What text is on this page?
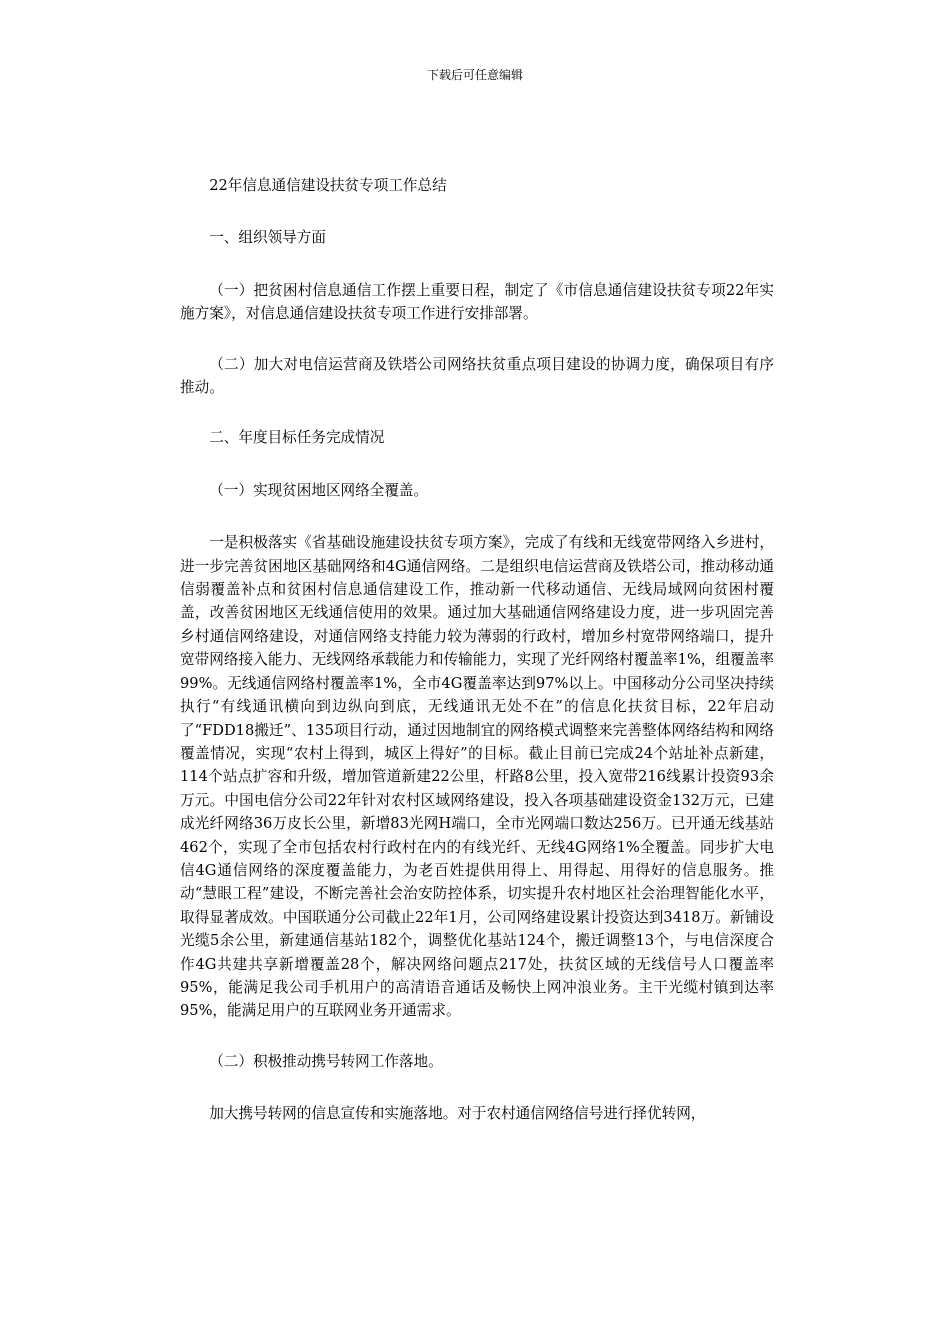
下载后可任意编辑

22年信息通信建设扶贫专项工作总结

一、组织领导方面

（一）把贫困村信息通信工作摆上重要日程，制定了《市信息通信建设扶贫专项22年实施方案》，对信息通信建设扶贫专项工作进行安排部署。

（二）加大对电信运营商及铁塔公司网络扶贫重点项目建设的协调力度，确保项目有序推动。

二、年度目标任务完成情况

（一）实现贫困地区网络全覆盖。

一是积极落实《省基础设施建设扶贫专项方案》，完成了有线和无线宽带网络入乡进村，进一步完善贫困地区基础网络和4G通信网络。二是组织电信运营商及铁塔公司，推动移动通信弱覆盖补点和贫困村信息通信建设工作，推动新一代移动通信、无线局域网向贫困村覆盖，改善贫困地区无线通信使用的效果。通过加大基础通信网络建设力度，进一步巩固完善乡村通信网络建设，对通信网络支持能力较为薄弱的行政村，增加乡村宽带网络端口，提升宽带网络接入能力、无线网络承载能力和传输能力，实现了光纤网络村覆盖率1%，组覆盖率99%。无线通信网络村覆盖率1%，全市4G覆盖率达到97%以上。中国移动分公司坚决持续执行“有线通讯横向到边纵向到底，无线通讯无处不在”的信息化扶贫目标，22年启动了“FDD18搬迁”、135项目行动，通过因地制宜的网络模式调整来完善整体网络结构和网络覆盖情况，实现“农村上得到，城区上得好”的目标。截止目前已完成24个站址补点新建，114个站点扩容和升级，增加管道新建22公里，杆路8公里，投入宽带216线累计投资93余万元。中国电信分公司22年针对农村区域网络建设，投入各项基础建设资金132万元，已建成光纤网络36万皮长公里，新增83光网H端口，全市光网端口数达256万。已开通无线基站462个，实现了全市包括农村行政村在内的有线光纤、无线4G网络1%全覆盖。同步扩大电信4G通信网络的深度覆盖能力，为老百姓提供用得上、用得起、用得好的信息服务。推动“慧眼工程”建设，不断完善社会治安防控体系，切实提升农村地区社会治理智能化水平，取得显著成效。中国联通分公司截止22年1月，公司网络建设累计投资达到3418万。新铺设光缆5余公里，新建通信基站182个，调整优化基站124个，搬迁调整13个，与电信深度合作4G共建共享新增覆盖28个，解决网络问题点217处，扶贫区域的无线信号人口覆盖率95%，能满足我公司手机用户的高清语音通话及畅快上网冲浪业务。主干光缆村镇到达率95%，能满足用户的互联网业务开通需求。

（二）积极推动携号转网工作落地。

加大携号转网的信息宣传和实施落地。对于农村通信网络信号进行择优转网，
